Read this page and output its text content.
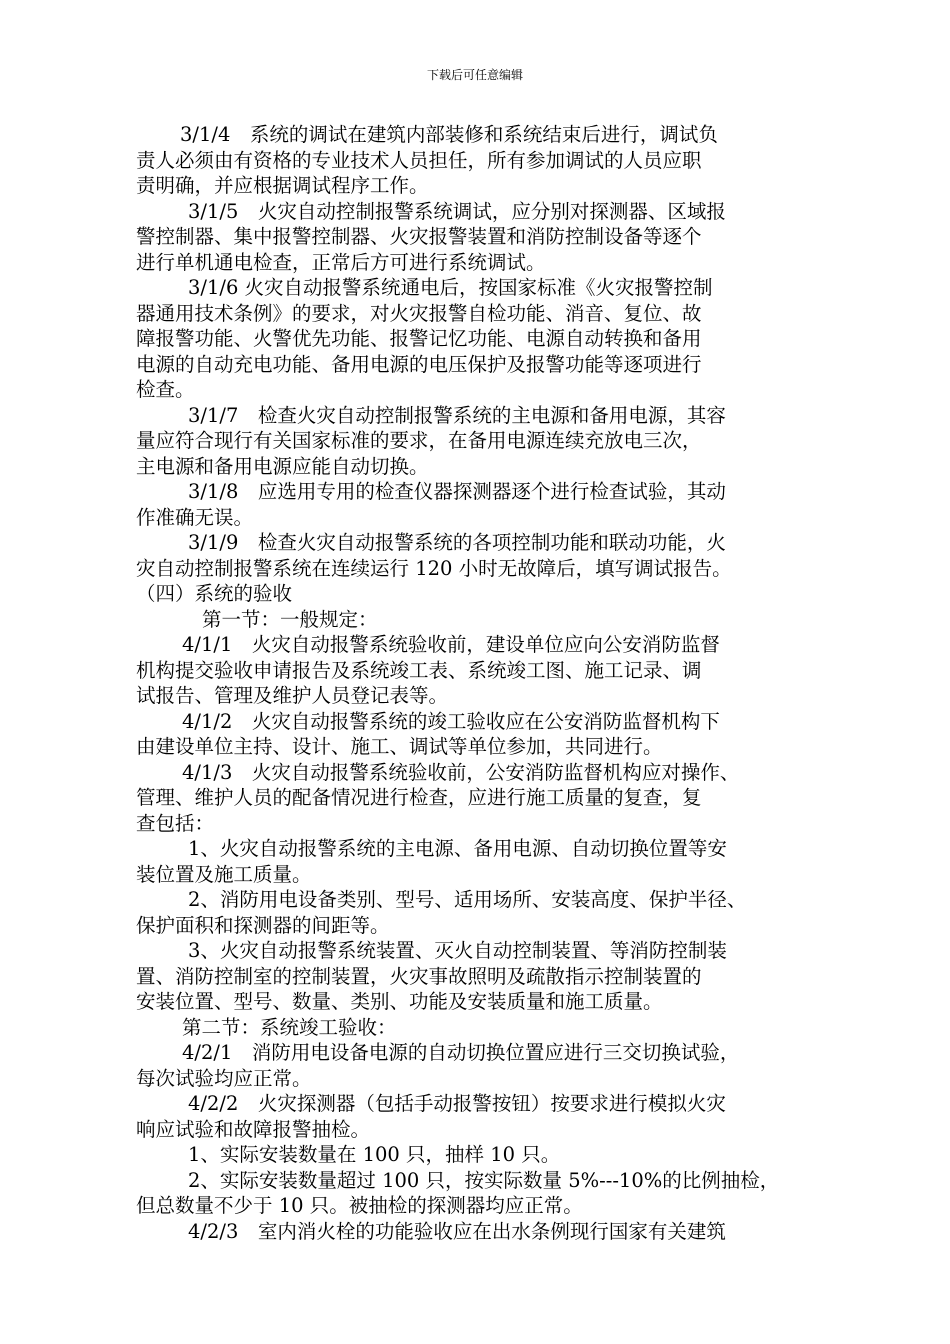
下载后可任意编辑
3/1/4　系统的调试在建筑内部装修和系统结束后进行，调试负
责人必须由有资格的专业技术人员担任，所有参加调试的人员应职
责明确，并应根据调试程序工作。
3/1/5　火灾自动控制报警系统调试，应分别对探测器、区域报
警控制器、集中报警控制器、火灾报警装置和消防控制设备等逐个
进行单机通电检查，正常后方可进行系统调试。
3/1/6 火灾自动报警系统通电后，按国家标准《火灾报警控制
器通用技术条例》的要求，对火灾报警自检功能、消音、复位、故
障报警功能、火警优先功能、报警记忆功能、电源自动转换和备用
电源的自动充电功能、备用电源的电压保护及报警功能等逐项进行
检查。
3/1/7　检查火灾自动控制报警系统的主电源和备用电源，其容
量应符合现行有关国家标准的要求，在备用电源连续充放电三次，
主电源和备用电源应能自动切换。
3/1/8　应选用专用的检查仪器探测器逐个进行检查试验，其动
作准确无误。
3/1/9　检查火灾自动报警系统的各项控制功能和联动功能，火
灾自动控制报警系统在连续运行 120 小时无故障后，填写调试报告。
（四）系统的验收
第一节：一般规定：
4/1/1　火灾自动报警系统验收前，建设单位应向公安消防监督
机构提交验收申请报告及系统竣工表、系统竣工图、施工记录、调
试报告、管理及维护人员登记表等。
4/1/2　火灾自动报警系统的竣工验收应在公安消防监督机构下
由建设单位主持、设计、施工、调试等单位参加，共同进行。
4/1/3　火灾自动报警系统验收前，公安消防监督机构应对操作、
管理、维护人员的配备情况进行检查，应进行施工质量的复查，复
查包括：
1、火灾自动报警系统的主电源、备用电源、自动切换位置等安
装位置及施工质量。
2、消防用电设备类别、型号、适用场所、安装高度、保护半径、
保护面积和探测器的间距等。
3、火灾自动报警系统装置、灭火自动控制装置、等消防控制装
置、消防控制室的控制装置，火灾事故照明及疏散指示控制装置的
安装位置、型号、数量、类别、功能及安装质量和施工质量。
第二节：系统竣工验收：
4/2/1　消防用电设备电源的自动切换位置应进行三交切换试验，
每次试验均应正常。
4/2/2　火灾探测器（包括手动报警按钮）按要求进行模拟火灾
响应试验和故障报警抽检。
1、实际安装数量在 100 只，抽样 10 只。
2、实际安装数量超过 100 只，按实际数量 5%---10%的比例抽检，
但总数量不少于 10 只。被抽检的探测器均应正常。
4/2/3　室内消火栓的功能验收应在出水条例现行国家有关建筑
